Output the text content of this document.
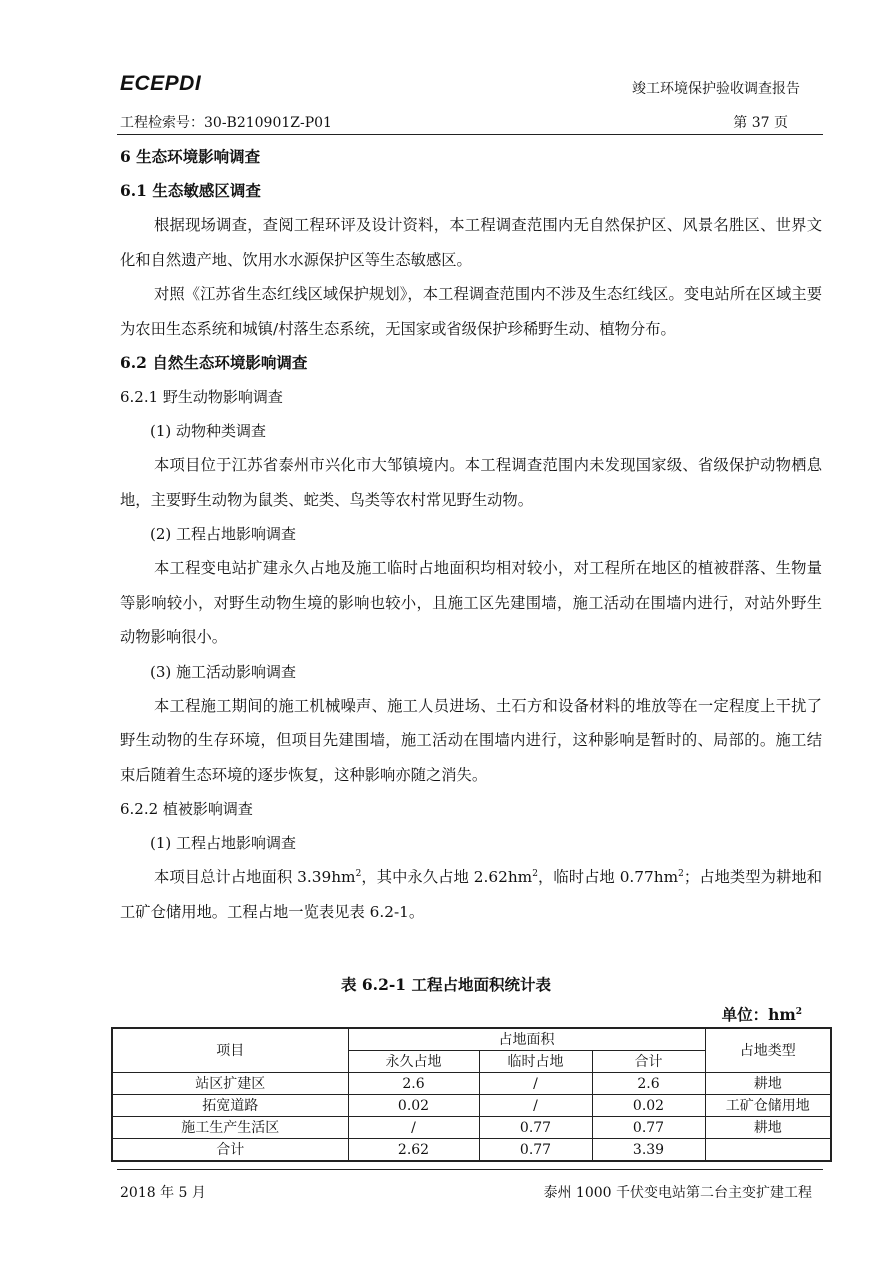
ECEPDI	竣工环境保护验收调查报告
工程检索号：30-B210901Z-P01	第 37 页
6 生态环境影响调查
6.1 生态敏感区调查

根据现场调查，查阅工程环评及设计资料，本工程调查范围内无自然保护区、风景名胜区、世界文化和自然遗产地、饮用水水源保护区等生态敏感区。

对照《江苏省生态红线区域保护规划》，本工程调查范围内不涉及生态红线区。变电站所在区域主要为农田生态系统和城镇/村落生态系统，无国家或省级保护珍稀野生动、植物分布。

6.2 自然生态环境影响调查
6.2.1 野生动物影响调查
(1) 动物种类调查

本项目位于江苏省泰州市兴化市大邹镇境内。本工程调查范围内未发现国家级、省级保护动物栖息地，主要野生动物为鼠类、蛇类、鸟类等农村常见野生动物。

(2) 工程占地影响调查

本工程变电站扩建永久占地及施工临时占地面积均相对较小，对工程所在地区的植被群落、生物量等影响较小，对野生动物生境的影响也较小，且施工区先建围墙，施工活动在围墙内进行，对站外野生动物影响很小。

(3) 施工活动影响调查

本工程施工期间的施工机械噪声、施工人员进场、土石方和设备材料的堆放等在一定程度上干扰了野生动物的生存环境，但项目先建围墙，施工活动在围墙内进行，这种影响是暂时的、局部的。施工结束后随着生态环境的逐步恢复，这种影响亦随之消失。

6.2.2 植被影响调查
(1) 工程占地影响调查

本项目总计占地面积 $3.39hm^2$，其中永久占地 $2.62hm^2$，临时占地 $0.77hm^2$；占地类型为耕地和工矿仓储用地。工程占地一览表见表 6.2-1。

表 6.2-1 工程占地面积统计表
单位：$hm^2$
项目	占地面积			占地类型
	永久占地	临时占地	合计	
站区扩建区	2.6	/	2.6	耕地
拓宽道路	0.02	/	0.02	工矿仓储用地
施工生产生活区	/	0.77	0.77	耕地
合计	2.62	0.77	3.39	
2018 年 5 月	泰州 1000 千伏变电站第二台主变扩建工程
